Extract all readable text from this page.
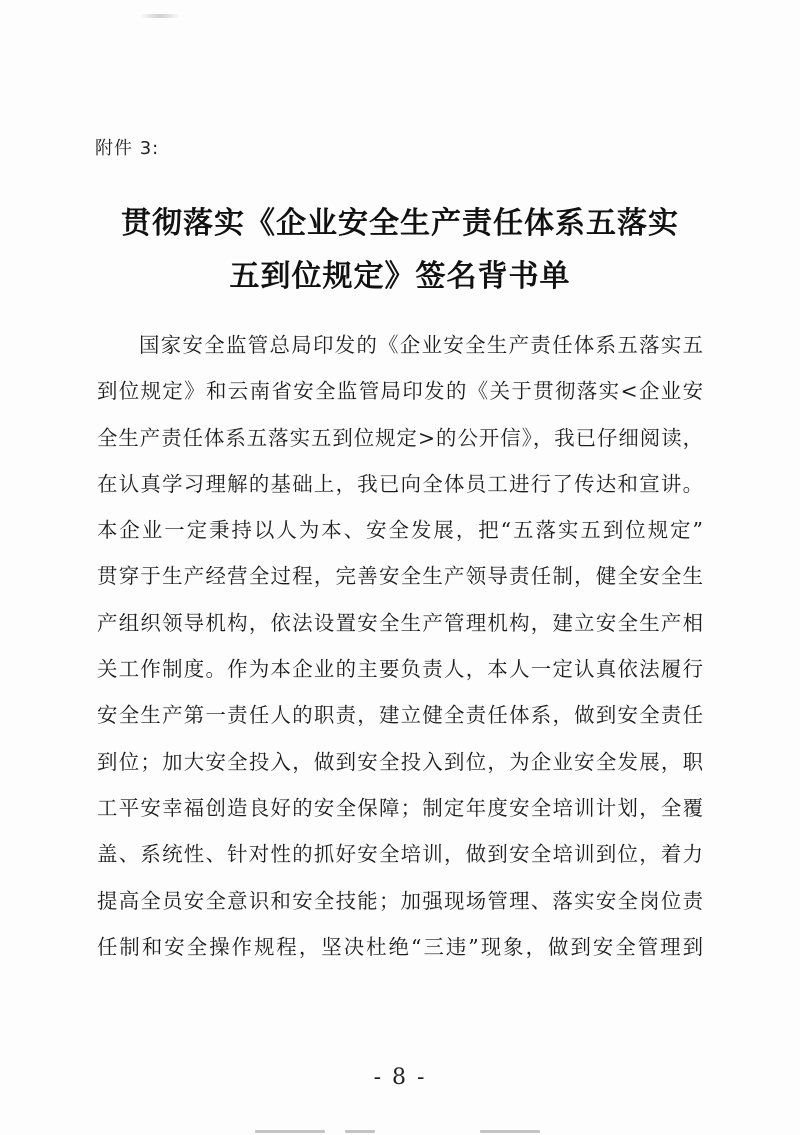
附件 3:
贯彻落实《企业安全生产责任体系五落实
五到位规定》签名背书单
国家安全监管总局印发的《企业安全生产责任体系五落实五
到位规定》和云南省安全监管局印发的《关于贯彻落实<企业安
全生产责任体系五落实五到位规定>的公开信》，我已仔细阅读，
在认真学习理解的基础上，我已向全体员工进行了传达和宣讲。
本企业一定秉持以人为本、安全发展，把“五落实五到位规定”
贯穿于生产经营全过程，完善安全生产领导责任制，健全安全生
产组织领导机构，依法设置安全生产管理机构，建立安全生产相
关工作制度。作为本企业的主要负责人，本人一定认真依法履行
安全生产第一责任人的职责，建立健全责任体系，做到安全责任
到位；加大安全投入，做到安全投入到位，为企业安全发展，职
工平安幸福创造良好的安全保障；制定年度安全培训计划，全覆
盖、系统性、针对性的抓好安全培训，做到安全培训到位，着力
提高全员安全意识和安全技能；加强现场管理、落实安全岗位责
任制和安全操作规程，坚决杜绝“三违”现象，做到安全管理到
- 8 -
